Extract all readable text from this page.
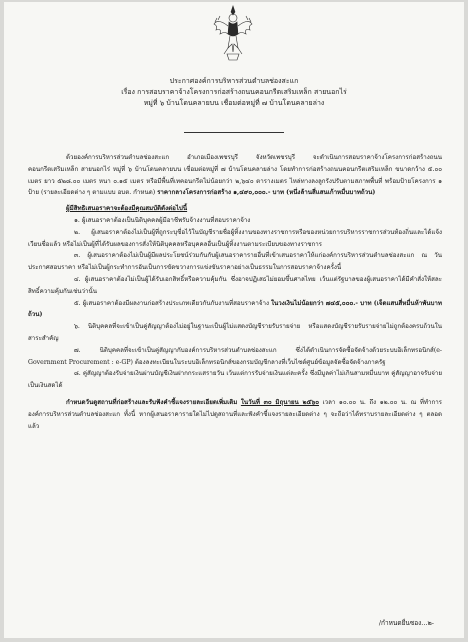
ประกาศองค์การบริหารส่วนตำบลช่องสะแก
เรื่อง การสอบราคาจ้างโครงการก่อสร้างถนนคอนกรีตเสริมเหล็ก สายนอกไร่
หมู่ที่ ๖ บ้านโดนคลายบน เชื่อมต่อหมู่ที่ ๗ บ้านโดนคลายล่าง

ด้วยองค์การบริหารส่วนตำบลช่องสะแก อำเภอเมืองเพชรบุรี จังหวัดเพชรบุรี จะดำเนินการสอบราคาจ้างโครงการก่อสร้างถนนคอนกรีตเสริมเหล็ก สายนอกไร่ หมู่ที่ ๖ บ้านโดนคลายบน เชื่อมต่อหมู่ที่ ๗ บ้านโดนคลายล่าง โดยทำการก่อสร้างถนนคอนกรีตเสริมเหล็ก ขนาดกว้าง ๕.๐๐ เมตร ยาว ๕๒๘.๐๐ เมตร หนา ๐.๑๕ เมตร หรือมีพื้นที่เทคอนกรีตไม่น้อยกว่า ๒,๖๔๐ ตารางเมตร ไหล่ทางลงลูกรังปรับตามสภาพพื้นที่ พร้อมป้ายโครงการ ๑ ป้าย (รายละเอียดต่าง ๆ ตามแบบ อบต. กำหนด) ราคากลางโครงการก่อสร้าง ๑,๔๙๐,๐๐๐.- บาท (หนึ่งล้านสี่แสนเก้าหมื่นบาทถ้วน)

ผู้มีสิทธิเสนอราคาจะต้องมีคุณสมบัติดังต่อไปนี้

๑. ผู้เสนอราคาต้องเป็นนิติบุคคลผู้มีอาชีพรับจ้างงานที่สอบราคาจ้าง

๒. ผู้เสนอราคาต้องไม่เป็นผู้ที่ถูกระบุชื่อไว้ในบัญชีรายชื่อผู้ทิ้งงานของทางราชการหรือของหน่วยการบริหารราชการส่วนท้องถิ่นและได้แจ้งเวียนชื่อแล้ว หรือไม่เป็นผู้ที่ได้รับผลของการสั่งให้นิติบุคคลหรือบุคคลอื่นเป็นผู้ทิ้งงานตามระเบียบของทางราชการ

๓. ผู้เสนอราคาต้องไม่เป็นผู้มีผลประโยชน์ร่วมกันกับผู้เสนอราคารายอื่นที่เข้าเสนอราคาให้แก่องค์การบริหารส่วนตำบลช่องสะแก ณ วันประกาศสอบราคา หรือไม่เป็นผู้กระทำการอันเป็นการขัดขวางการแข่งขันราคาอย่างเป็นธรรมในการสอบราคาจ้างครั้งนี้

๔. ผู้เสนอราคาต้องไม่เป็นผู้ได้รับเอกสิทธิ์หรือความคุ้มกัน ซึ่งอาจปฏิเสธไม่ยอมขึ้นศาลไทย เว้นแต่รัฐบาลของผู้เสนอราคาได้มีคำสั่งให้สละสิทธิ์ความคุ้มกันเช่นว่านั้น

๕. ผู้เสนอราคาต้องมีผลงานก่อสร้างประเภทเดียวกันกับงานที่สอบราคาจ้าง ในวงเงินไม่น้อยกว่า ๗๔๕,๐๐๐.- บาท (เจ็ดแสนสี่หมื่นห้าพันบาทถ้วน)

๖. นิติบุคคลที่จะเข้าเป็นคู่สัญญาต้องไม่อยู่ในฐานะเป็นผู้ไม่แสดงบัญชีรายรับรายจ่าย หรือแสดงบัญชีรายรับรายจ่ายไม่ถูกต้องครบถ้วนในสาระสำคัญ

๗. นิติบุคคลที่จะเข้าเป็นคู่สัญญากับองค์การบริหารส่วนตำบลช่องสะแก ซึ่งได้ดำเนินการจัดซื้อจัดจ้างด้วยระบบอิเล็กทรอนิกส์(e-Government Procurement : e-GP) ต้องลงทะเบียนในระบบอิเล็กทรอนิกส์ของกรมบัญชีกลางที่เว็บไซต์ศูนย์ข้อมูลจัดซื้อจัดจ้างภาครัฐ

๘. คู่สัญญาต้องรับจ่ายเงินผ่านบัญชีเงินฝากกระแสรายวัน เว้นแต่การรับจ่ายเงินแต่ละครั้ง ซึ่งมีมูลค่าไม่เกินสามหมื่นบาท คู่สัญญาอาจรับจ่ายเป็นเงินสดได้

กำหนดวันดูสถานที่ก่อสร้างและรับฟังคำชี้แจงรายละเอียดเพิ่มเติม ในวันที่ ๓๐ มิถุนายน ๒๕๖๐ เวลา ๑๐.๐๐ น. ถึง ๑๒.๐๐ น. ณ ที่ทำการองค์การบริหารส่วนตำบลช่องสะแก ทั้งนี้ หากผู้เสนอราคารายใดไม่ไปดูสถานที่และฟังคำชี้แจงรายละเอียดต่าง ๆ จะถือว่าได้ทราบรายละเอียดต่าง ๆ ตลอดแล้ว

/กำหนดยื่นซอง...๒-
